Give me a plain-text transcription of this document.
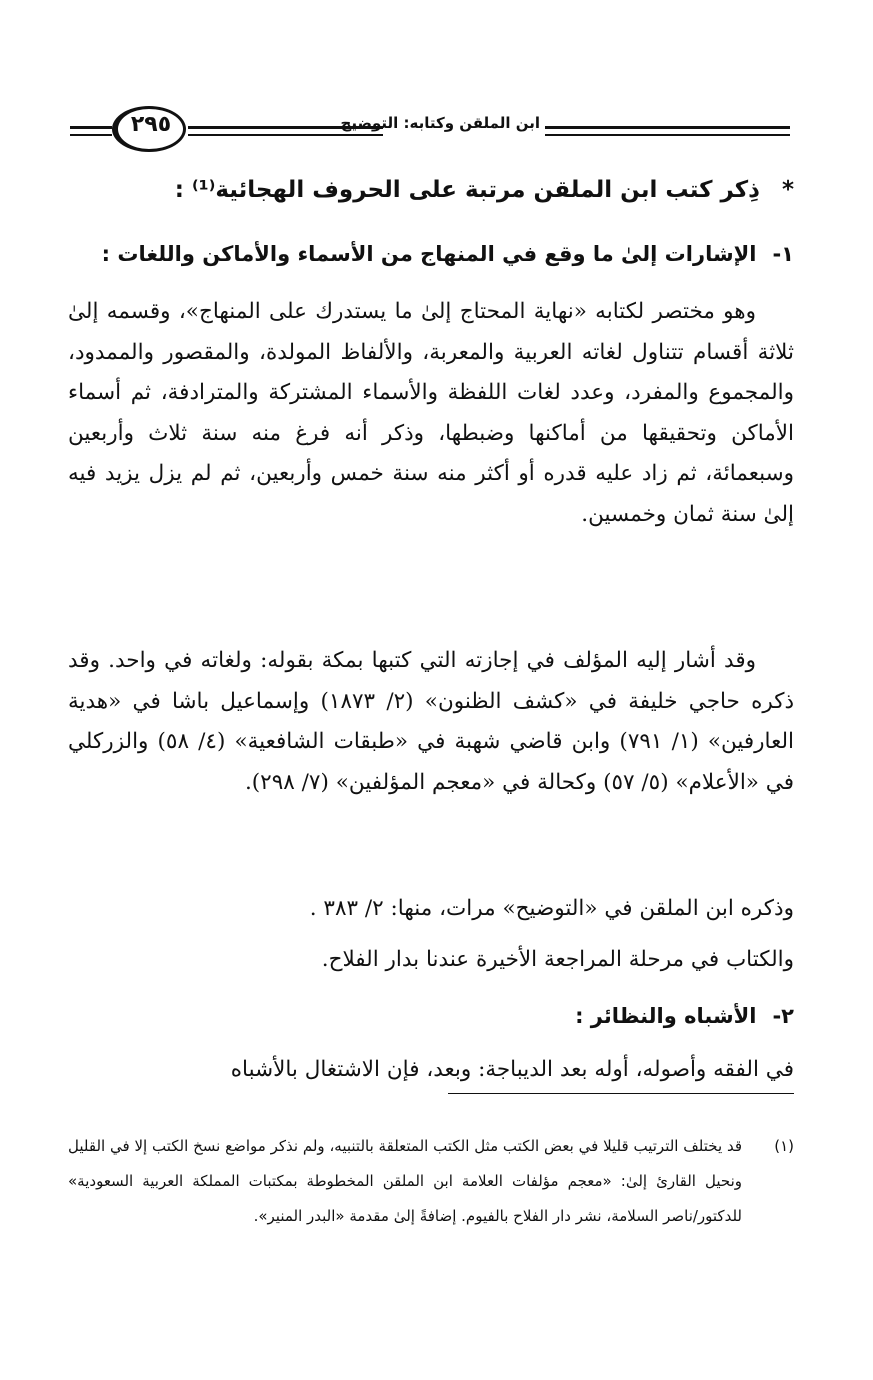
ابن الملقن وكتابه: التوضيح
٢٩٥
*ذِكر كتب ابن الملقن مرتبة على الحروف الهجائية⁽¹⁾ :
١-الإشارات إلىٰ ما وقع في المنهاج من الأسماء والأماكن واللغات :

وهو مختصر لكتابه «نهاية المحتاج إلىٰ ما يستدرك على المنهاج»، وقسمه إلىٰ ثلاثة أقسام تتناول لغاته العربية والمعربة، والألفاظ المولدة، والمقصور والممدود، والمجموع والمفرد، وعدد لغات اللفظة والأسماء المشتركة والمترادفة، ثم أسماء الأماكن وتحقيقها من أماكنها وضبطها، وذكر أنه فرغ منه سنة ثلاث وأربعين وسبعمائة، ثم زاد عليه قدره أو أكثر منه سنة خمس وأربعين، ثم لم يزل يزيد فيه إلىٰ سنة ثمان وخمسين.

وقد أشار إليه المؤلف في إجازته التي كتبها بمكة بقوله: ولغاته في واحد. وقد ذكره حاجي خليفة في «كشف الظنون» (٢/ ١٨٧٣) وإسماعيل باشا في «هدية العارفين» (١/ ٧٩١) وابن قاضي شهبة في «طبقات الشافعية» (٤/ ٥٨) والزركلي في «الأعلام» (٥/ ٥٧) وكحالة في «معجم المؤلفين» (٧/ ٢٩٨).

وذكره ابن الملقن في «التوضيح» مرات، منها: ٢/ ٣٨٣ .
والكتاب في مرحلة المراجعة الأخيرة عندنا بدار الفلاح.
٢-الأشباه والنظائر :
في الفقه وأصوله، أوله بعد الديباجة: وبعد، فإن الاشتغال بالأشباه
(١)
قد يختلف الترتيب قليلا في بعض الكتب مثل الكتب المتعلقة بالتنبيه، ولم نذكر مواضع نسخ الكتب إلا في القليل ونحيل القارئ إلىٰ: «معجم مؤلفات العلامة ابن الملقن المخطوطة بمكتبات المملكة العربية السعودية» للدكتور/ناصر السلامة، نشر دار الفلاح بالفيوم. إضافةً إلىٰ مقدمة «البدر المنير».
